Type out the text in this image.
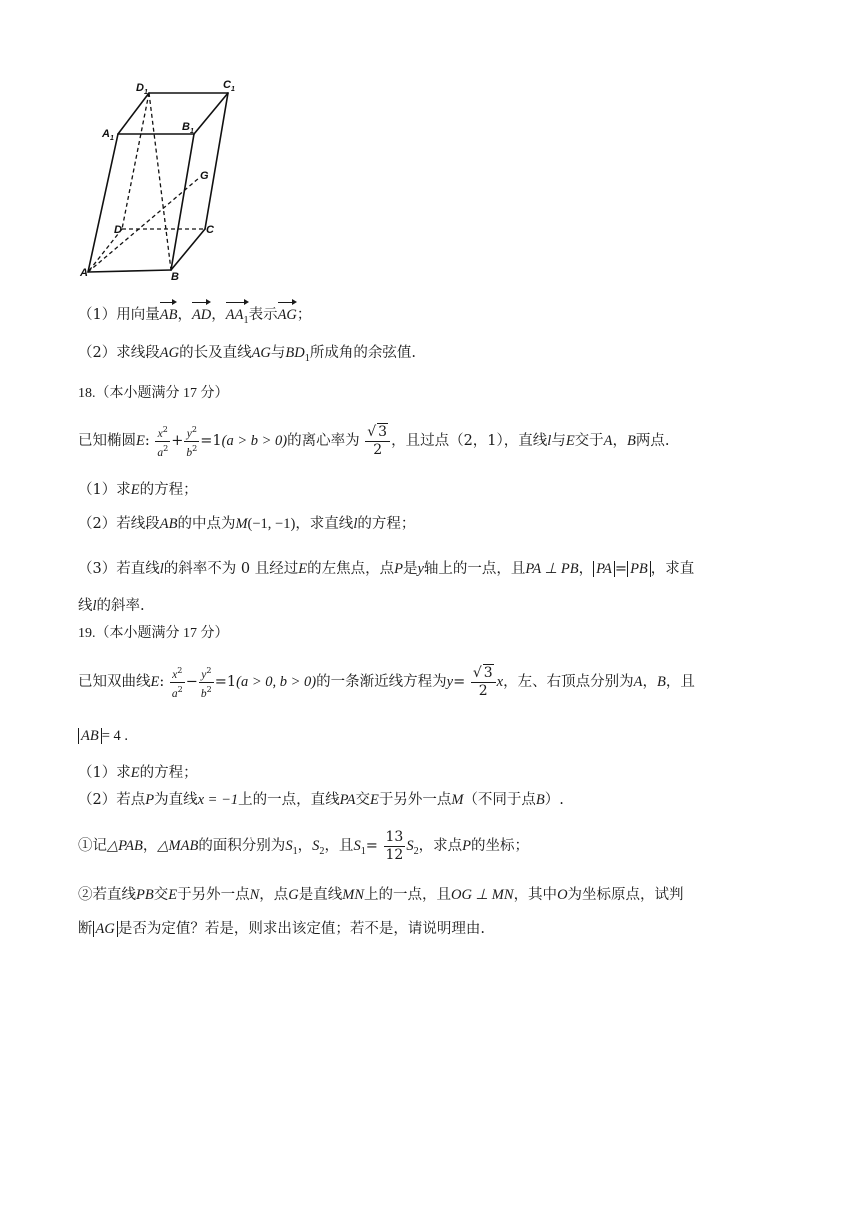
$D_1$
$C_1$
$A_1$
$B_1$
G
D	C
A	B
（1）用向量AB，AD，$AA_1$表示AG；
（2）求线段AG的长及直线AG与$BD_1$所成角的余弦值.
18.（本小题满分 17 分）
已知椭圆E: $\frac{x^2}{a^2} + \frac{y^2}{b^2} =1(a > b > 0)$的离心率为 $\frac{√ 3}{2}$ ，且过点（2，1），直线l与E交于A，B两点.
（1）求E的方程；
（2）若线段AB的中点为M(−1, −1)，求直线l的方程；
（3）若直线l的斜率不为 0 且经过E的左焦点，点P是y轴上的一点，且PA ⊥ PB， PA = PB ，求直
线l的斜率.
19.（本小题满分 17 分）
已知双曲线E: $\frac{x^2}{a^2} - \frac{y^2}{b^2} =1(a > 0$, b > 0)的一条渐近线方程为$y= \frac{√ 3}{2}$ x，左、右顶点分别为A，B，且
AB = 4 .
（1）求E的方程；
（2）若点P为直线x = −1上的一点，直线PA交E于另外一点M（不同于点B）.
①记△PAB，△MAB的面积分别为$S_1$，$S_2$，且$S_1= \frac{13}{12} S_2$，求点P的坐标；
②若直线PB交E于另外一点N，点G是直线MN上的一点，且OG ⊥ MN，其中O为坐标原点，试判
断 AG 是否为定值？若是，则求出该定值；若不是，请说明理由.
